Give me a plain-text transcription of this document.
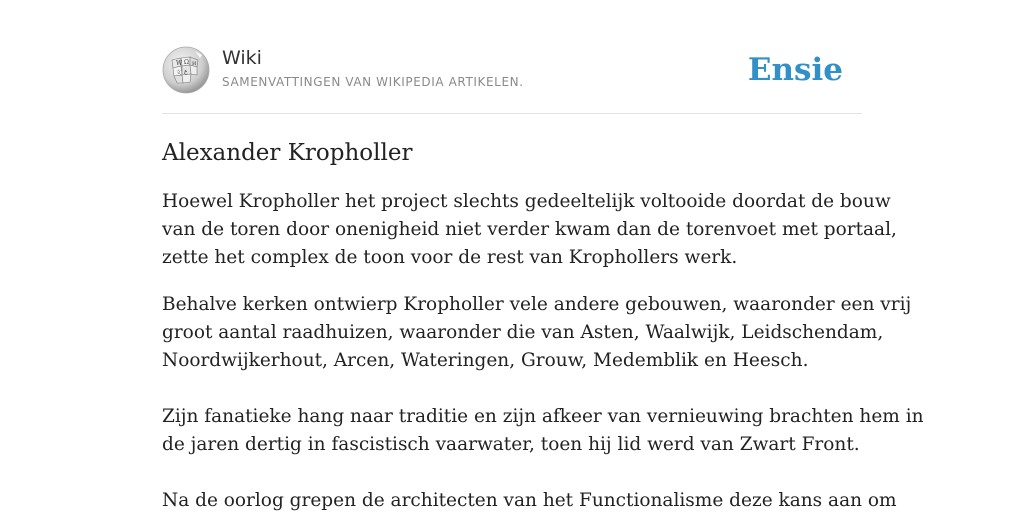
W Ω И
ع
文
Wiki
SAMENVATTINGEN VAN WIKIPEDIA ARTIKELEN.	Ensie
Alexander Kropholler

Hoewel Kropholler het project slechts gedeeltelijk voltooide doordat de bouw
van de toren door onenigheid niet verder kwam dan de torenvoet met portaal,
zette het complex de toon voor de rest van Krophollers werk.

Behalve kerken ontwierp Kropholler vele andere gebouwen, waaronder een vrij
groot aantal raadhuizen, waaronder die van Asten, Waalwijk, Leidschendam,
Noordwijkerhout, Arcen, Wateringen, Grouw, Medemblik en Heesch.

Zijn fanatieke hang naar traditie en zijn afkeer van vernieuwing brachten hem in
de jaren dertig in fascistisch vaarwater, toen hij lid werd van Zwart Front.

Na de oorlog grepen de architecten van het Functionalisme deze kans aan om
